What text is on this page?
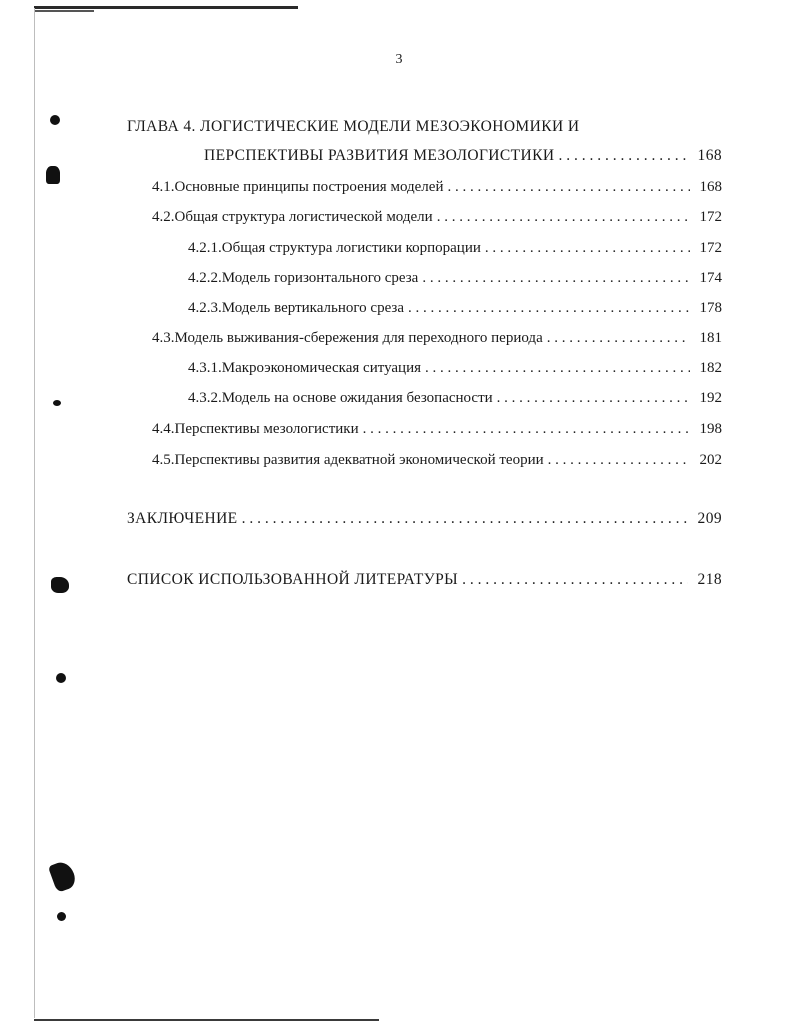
3
ГЛАВА 4. ЛОГИСТИЧЕСКИЕ МОДЕЛИ МЕЗОЭКОНОМИКИ И
ПЕРСПЕКТИВЫ РАЗВИТИЯ МЕЗОЛОГИСТИКИ . . .	168
4.1. Основные принципы построения моделей . . .	168
4.2. Общая структура логистической модели . . .	172
4.2.1. Общая структура логистики корпорации . . .	172
4.2.2. Модель горизонтального среза . . .	174
4.2.3. Модель вертикального среза . . .	178
4.3. Модель выживания-сбережения для переходного периода . . .	181
4.3.1. Макроэкономическая ситуация . . .	182
4.3.2. Модель на основе ожидания безопасности . . .	192
4.4. Перспективы мезологистики . . .	198
4.5. Перспективы развития адекватной экономической теории . . .	202
ЗАКЛЮЧЕНИЕ . . .	209
СПИСОК ИСПОЛЬЗОВАННОЙ ЛИТЕРАТУРЫ . . .	218
